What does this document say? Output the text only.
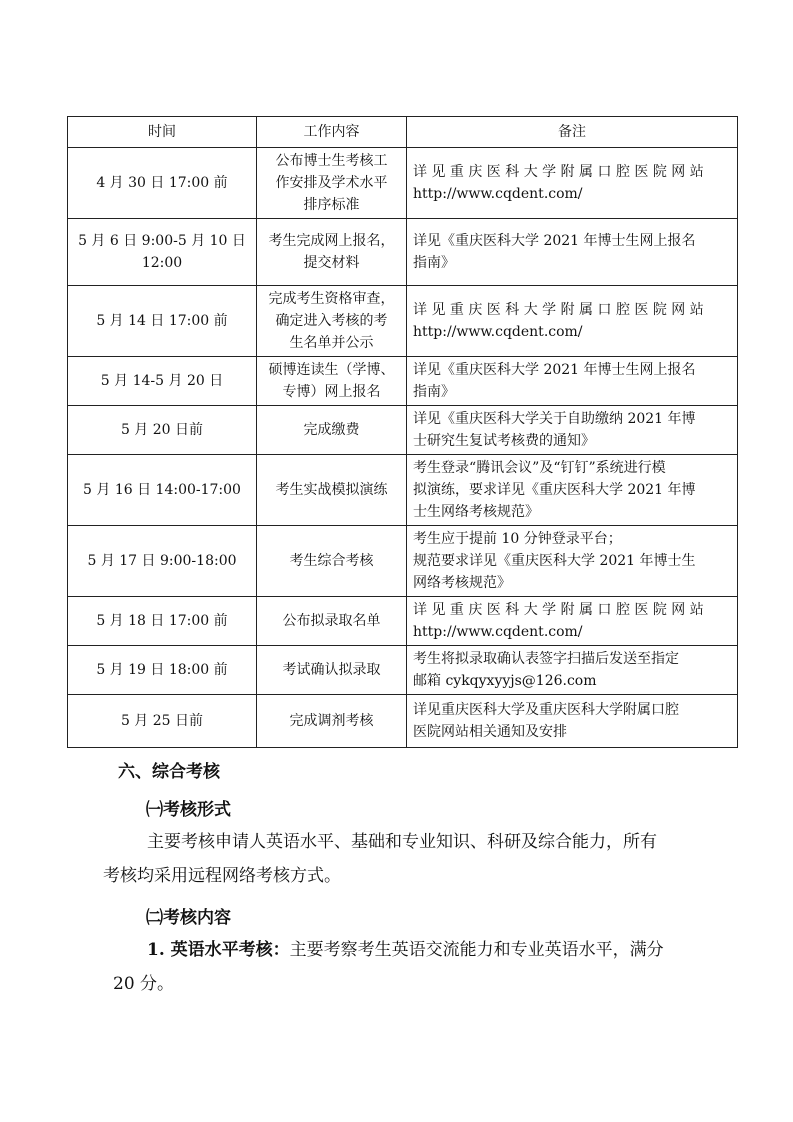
时间	工作内容	备注

4 月 30 日 17:00 前	公布博士生考核工
作安排及学术水平
排序标准	详 见 重 庆 医 科 大 学 附 属 口 腔 医 院 网 站
http://www.cqdent.com/

5 月 6 日 9:00-5 月 10 日
12:00	考生完成网上报名，
提交材料	详见《重庆医科大学 2021 年博士生网上报名
指南》

5 月 14 日 17:00 前	完成考生资格审查，
确定进入考核的考
生名单并公示	详 见 重 庆 医 科 大 学 附 属 口 腔 医 院 网 站
http://www.cqdent.com/

5 月 14-5 月 20 日	硕博连读生（学博、
专博）网上报名	详见《重庆医科大学 2021 年博士生网上报名
指南》

5 月 20 日前	完成缴费	详见《重庆医科大学关于自助缴纳 2021 年博
士研究生复试考核费的通知》

5 月 16 日 14:00-17:00	考生实战模拟演练	考生登录“腾讯会议”及“钉钉”系统进行模
拟演练，要求详见《重庆医科大学 2021 年博
士生网络考核规范》

5 月 17 日 9:00-18:00	考生综合考核	考生应于提前 10 分钟登录平台；
规范要求详见《重庆医科大学 2021 年博士生
网络考核规范》

5 月 18 日 17:00 前	公布拟录取名单	详 见 重 庆 医 科 大 学 附 属 口 腔 医 院 网 站
http://www.cqdent.com/

5 月 19 日 18:00 前	考试确认拟录取	考生将拟录取确认表签字扫描后发送至指定
邮箱 cykqyxyyjs@126.com

5 月 25 日前	完成调剂考核	详见重庆医科大学及重庆医科大学附属口腔
医院网站相关通知及安排
六、综合考核
㈠考核形式
主要考核申请人英语水平、基础和专业知识、科研及综合能力，所有
考核均采用远程网络考核方式。
㈡考核内容
1. 英语水平考核：主要考察考生英语交流能力和专业英语水平，满分
20 分。
